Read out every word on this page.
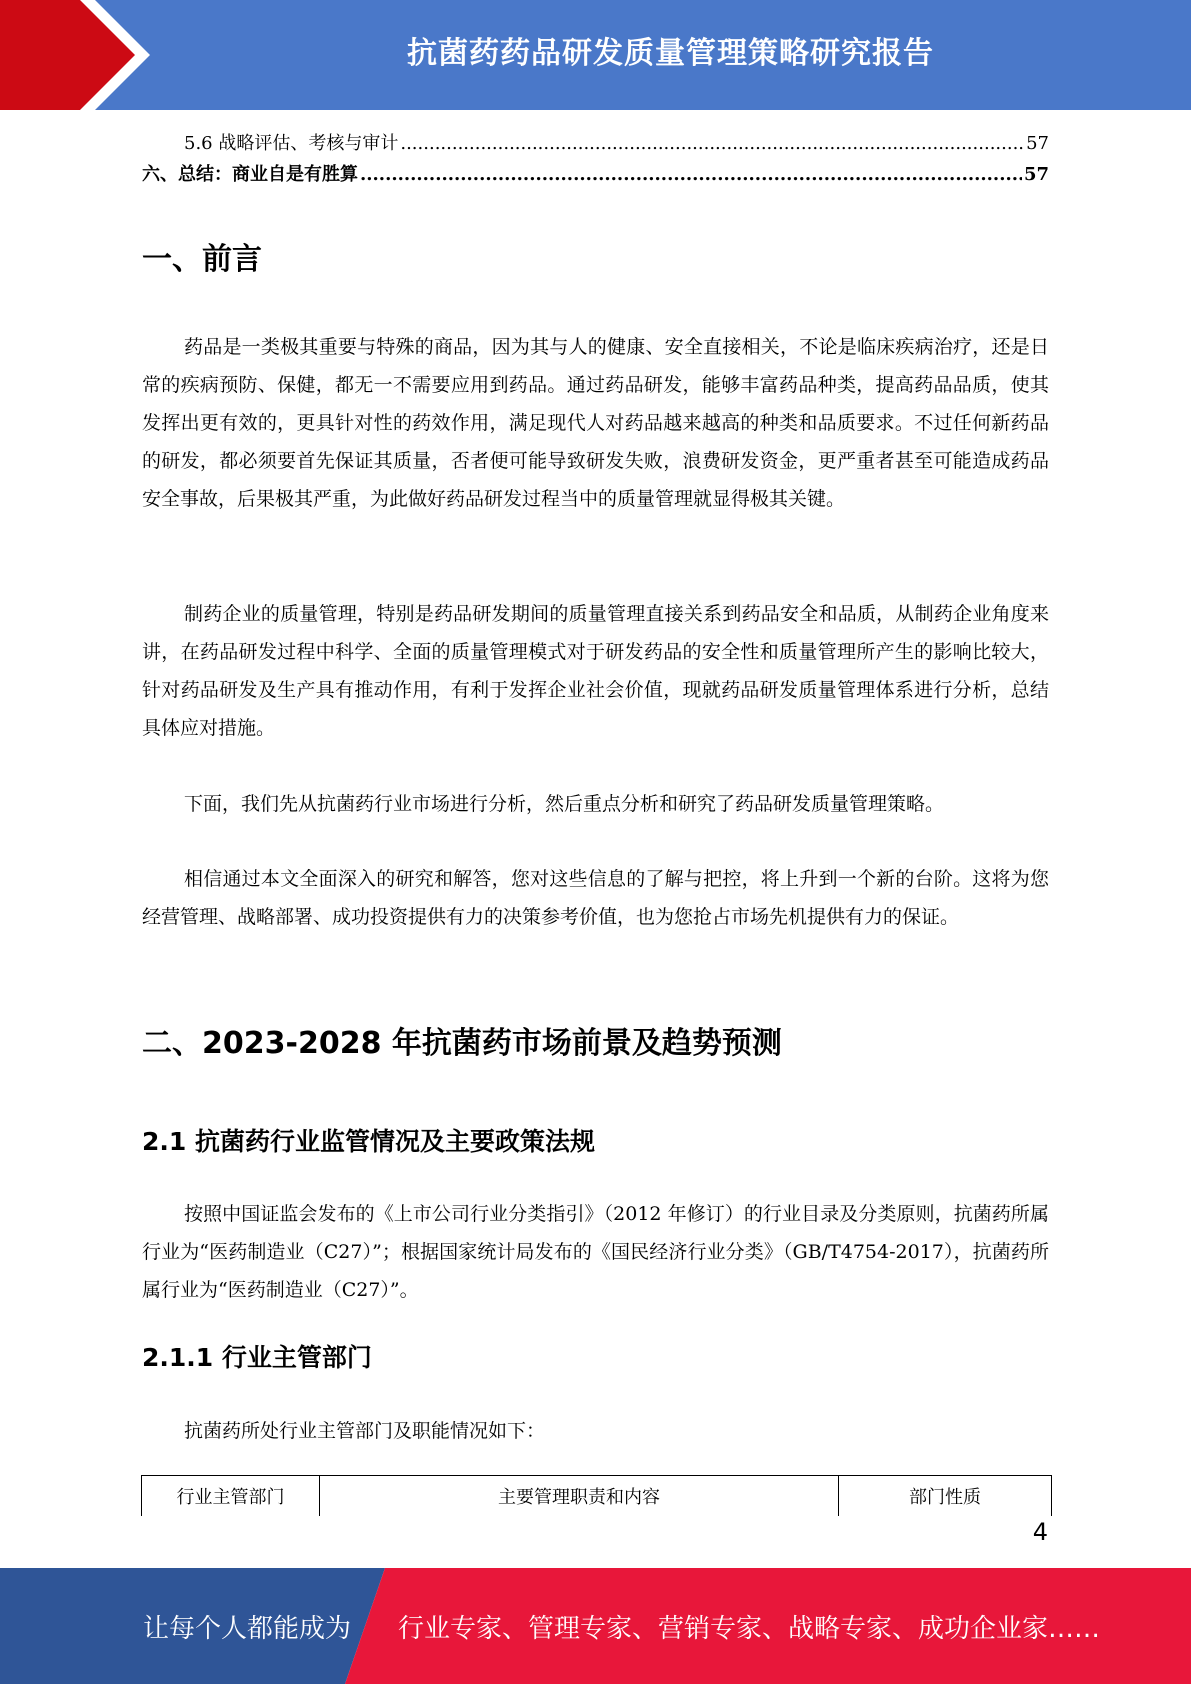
抗菌药药品研发质量管理策略研究报告
5.6 战略评估、考核与审计 .....	57
六、总结：商业自是有胜算 .....	57
一、前言

药品是一类极其重要与特殊的商品，因为其与人的健康、安全直接相关，不论是临床疾病治疗，还是日常的疾病预防、保健，都无一不需要应用到药品。通过药品研发，能够丰富药品种类，提高药品品质，使其发挥出更有效的，更具针对性的药效作用，满足现代人对药品越来越高的种类和品质要求。不过任何新药品的研发，都必须要首先保证其质量，否者便可能导致研发失败，浪费研发资金，更严重者甚至可能造成药品安全事故，后果极其严重，为此做好药品研发过程当中的质量管理就显得极其关键。

制药企业的质量管理，特别是药品研发期间的质量管理直接关系到药品安全和品质，从制药企业角度来讲，在药品研发过程中科学、全面的质量管理模式对于研发药品的安全性和质量管理所产生的影响比较大，针对药品研发及生产具有推动作用，有利于发挥企业社会价值，现就药品研发质量管理体系进行分析，总结具体应对措施。

下面，我们先从抗菌药行业市场进行分析，然后重点分析和研究了药品研发质量管理策略。

相信通过本文全面深入的研究和解答，您对这些信息的了解与把控，将上升到一个新的台阶。这将为您经营管理、战略部署、成功投资提供有力的决策参考价值，也为您抢占市场先机提供有力的保证。

二、2023-2028 年抗菌药市场前景及趋势预测
2.1 抗菌药行业监管情况及主要政策法规

按照中国证监会发布的《上市公司行业分类指引》（2012 年修订）的行业目录及分类原则，抗菌药所属行业为“医药制造业（C27）”；根据国家统计局发布的《国民经济行业分类》（GB/T4754-2017），抗菌药所属行业为“医药制造业（C27）”。

2.1.1 行业主管部门

抗菌药所处行业主管部门及职能情况如下：

行业主管部门	主要管理职责和内容	部门性质
4
让每个人都能成为 行业专家、管理专家、营销专家、战略专家、成功企业家……
